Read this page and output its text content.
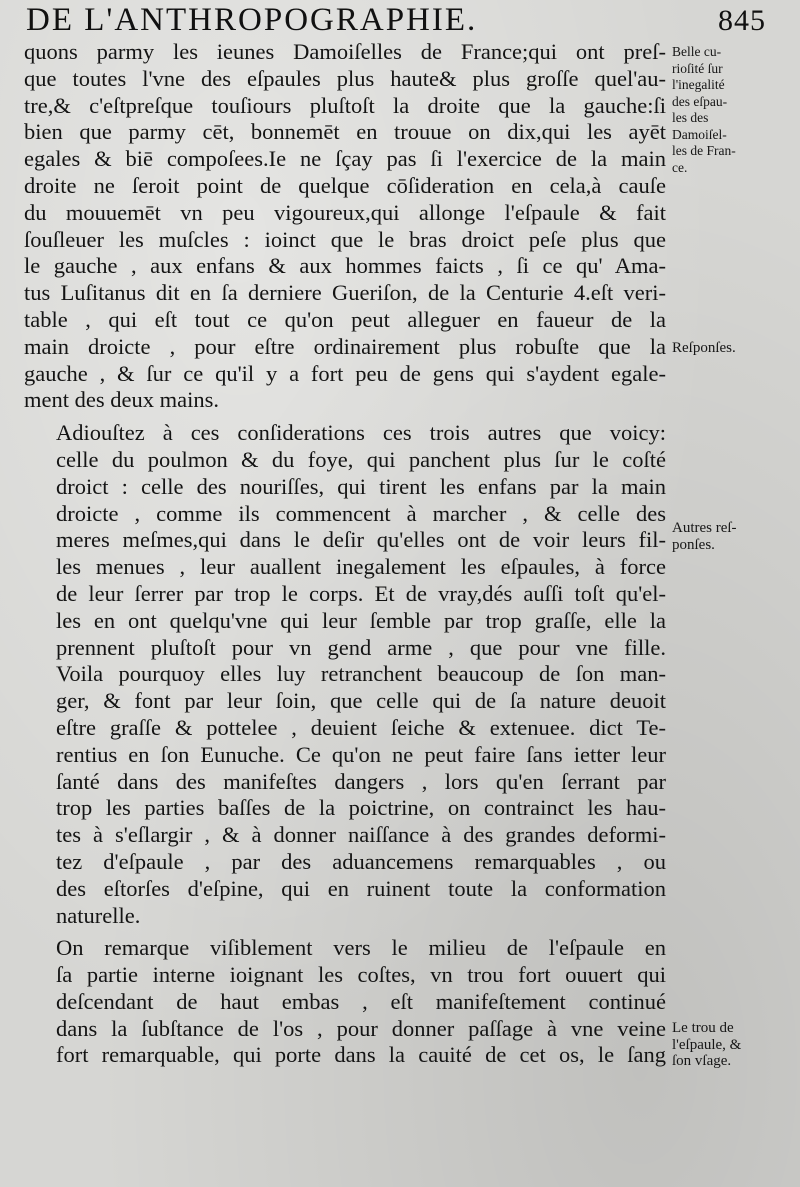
DE L'ANTHROPOGRAPHIE.	845

quons parmy les ieunes Damoiſelles de France;qui ont preſ-
que toutes l'vne des eſpaules plus haute& plus groſſe quel'au-
tre,& c'eſtpreſque touſiours pluſtoſt la droite que la gauche:ſi
bien que parmy cēt, bonnemēt en trouue on dix,qui les ayēt
egales & biē compoſees.Ie ne ſçay pas ſi l'exercice de la main
droite ne ſeroit point de quelque cōſideration en cela,à cauſe
du mouuemēt vn peu vigoureux,qui allonge l'eſpaule & fait
ſouſleuer les muſcles : ioinct que le bras droict peſe plus que
le gauche , aux enfans & aux hommes faicts , ſi ce qu' Ama-
tus Luſitanus dit en ſa derniere Gueriſon, de la Centurie 4.eſt veri-
table , qui eſt tout ce qu'on peut alleguer en faueur de la
main droicte , pour eſtre ordinairement plus robuſte que la
gauche , & ſur ce qu'il y a fort peu de gens qui s'aydent egale-
ment des deux mains.

Adiouſtez à ces conſiderations ces trois autres que voicy:
celle du poulmon & du foye, qui panchent plus ſur le coſté
droict : celle des nouriſſes, qui tirent les enfans par la main
droicte , comme ils commencent à marcher , & celle des
meres meſmes,qui dans le deſir qu'elles ont de voir leurs fil-
les menues , leur auallent inegalement les eſpaules, à force
de leur ſerrer par trop le corps. Et de vray,dés auſſi toſt qu'el-
les en ont quelqu'vne qui leur ſemble par trop graſſe, elle la
prennent pluſtoſt pour vn gend arme , que pour vne fille.
Voila pourquoy elles luy retranchent beaucoup de ſon man-
ger, & font par leur ſoin, que celle qui de ſa nature deuoit
eſtre graſſe & pottelee , deuient ſeiche & extenuee. dict Te-
rentius en ſon Eunuche. Ce qu'on ne peut faire ſans ietter leur
ſanté dans des manifeſtes dangers , lors qu'en ſerrant par
trop les parties baſſes de la poictrine, on contrainct les hau-
tes à s'eſlargir , & à donner naiſſance à des grandes deformi-
tez d'eſpaule , par des aduancemens remarquables , ou
des eſtorſes d'eſpine, qui en ruinent toute la conformation
naturelle.

On remarque viſiblement vers le milieu de l'eſpaule en
ſa partie interne ioignant les coſtes, vn trou fort ouuert qui
deſcendant de haut embas , eſt manifeſtement continué
dans la ſubſtance de l'os , pour donner paſſage à vne veine
fort remarquable, qui porte dans la cauité de cet os, le ſang

Belle cu-
rioſité ſur
l'inegalité
des eſpau-
les des
Damoiſel-
les de Fran-
ce.
Reſponſes.
Autres reſ-
ponſes.
Le trou de
l'eſpaule, &
ſon vſage.
